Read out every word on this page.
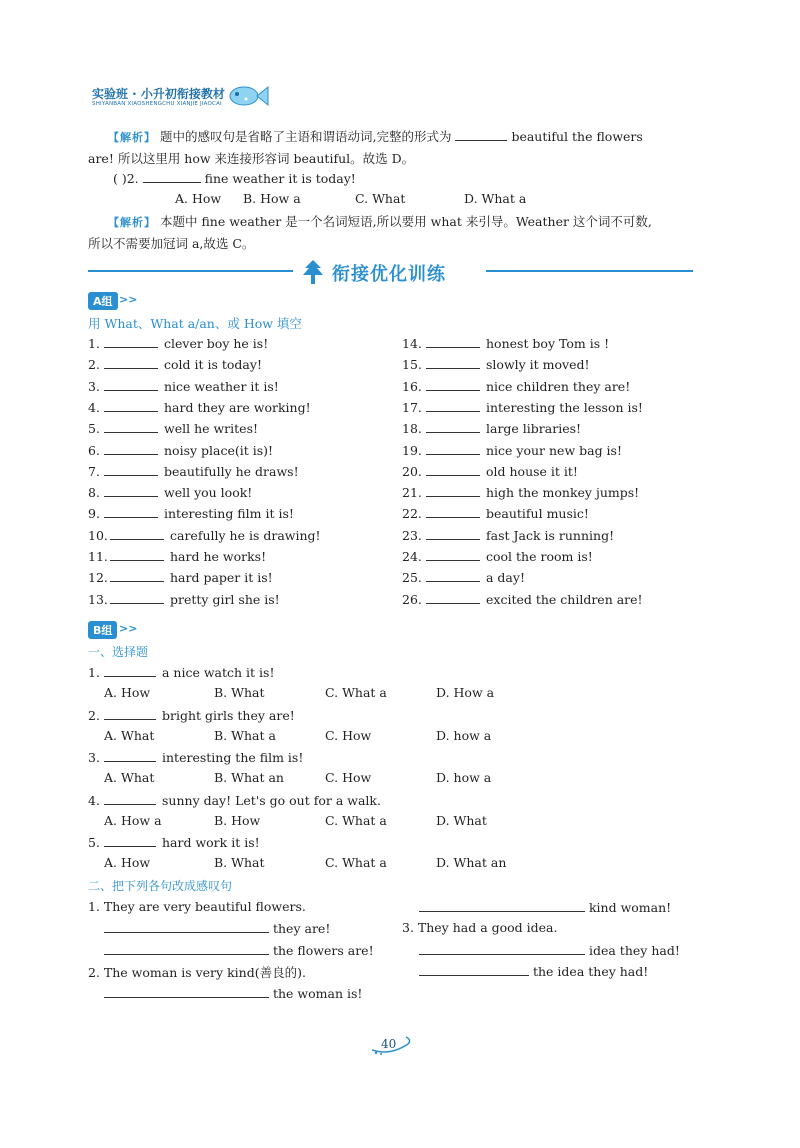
实验班 · 小升初衔接教材
SHIYANBAN XIAOSHENGCHU XIANJIE JIAOCAI
【解析】 题中的感叹句是省略了主语和谓语动词,完整的形式为	beautiful the flowers
are! 所以这里用 how 来连接形容词 beautiful。故选 D。
( )2.	fine weather it is today!
A. How B. How a	C. What	D. What a
【解析】 本题中 fine weather 是一个名词短语,所以要用 what 来引导。Weather 这个词不可数,
所以不需要加冠词 a,故选 C。
衔接优化训练
A组 >>
用 What、What a/an、或 How 填空
1.	clever boy he is!
2.	cold it is today!
3.	nice weather it is!
4.	hard they are working!
5.	well he writes!
6.	noisy place(it is)!
7.	beautifully he draws!
8.	well you look!
9.	interesting film it is!
10.	carefully he is drawing!
11.	hard he works!
12.	hard paper it is!
13.	pretty girl she is!
14.	honest boy Tom is !
15.	slowly it moved!
16.	nice children they are!
17.	interesting the lesson is!
18.	large libraries!
19.	nice your new bag is!
20.	old house it it!
21.	high the monkey jumps!
22.	beautiful music!
23.	fast Jack is running!
24.	cool the room is!
25.	a day!
26.	excited the children are!
B组 >>
一、选择题
1.	a nice watch it is!
A. How	B. What	C. What a	D. How a
2.	bright girls they are!
A. What	B. What a	C. How	D. how a
3.	interesting the film is!
A. What	B. What an	C. How	D. how a
4.	sunny day! Let's go out for a walk.
A. How a	B. How	C. What a	D. What
5.	hard work it is!
A. How	B. What	C. What a	D. What an
二、把下列各句改成感叹句
1. They are very beautiful flowers.
they are!
the flowers are!
2. The woman is very kind(善良的).
the woman is!
kind woman!
3. They had a good idea.
idea they had!
the idea they had!
40
